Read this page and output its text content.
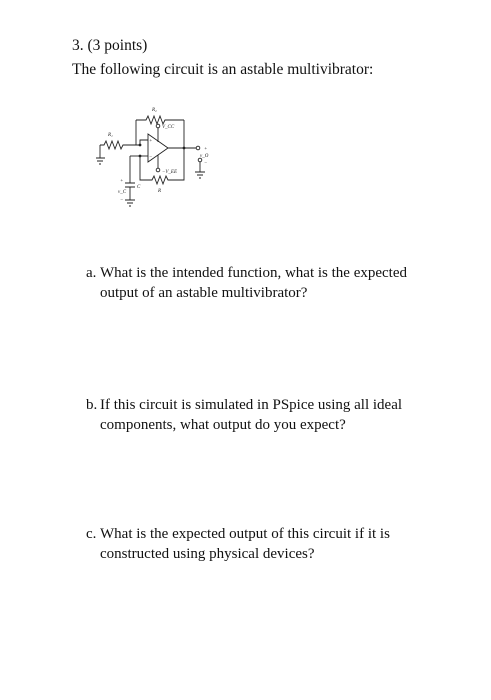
3. (3 points)
The following circuit is an astable multivibrator:
R₂
R₁
V_CC
−V_EE
R
C
v_O
v_C
+
−
+
−
+
−
a. What is the intended function, what is the expected output of an astable multivibrator?
b. If this circuit is simulated in PSpice using all ideal components, what output do you expect?
c. What is the expected output of this circuit if it is constructed using physical devices?
